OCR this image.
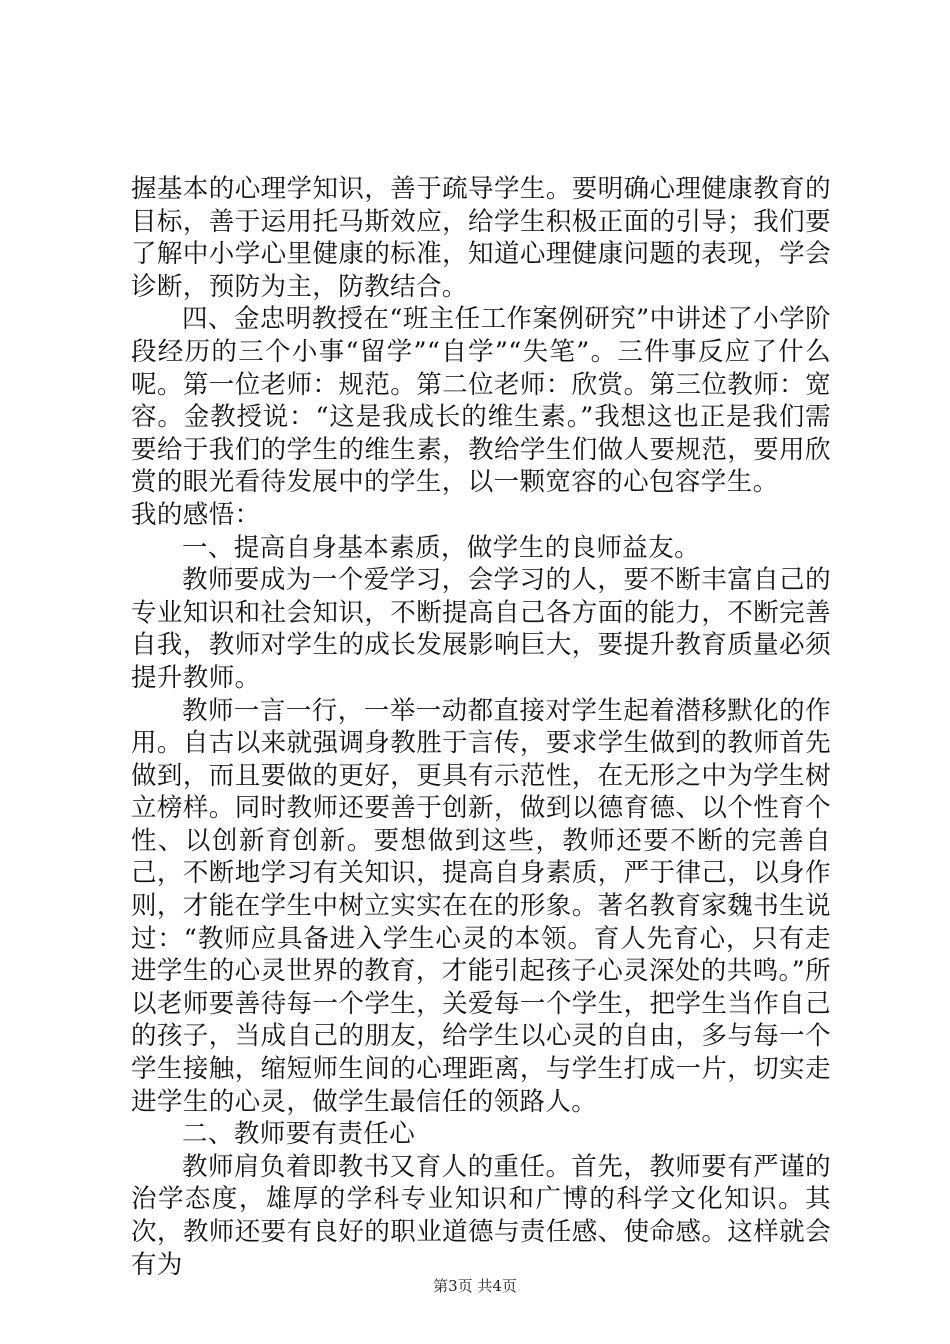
握基本的心理学知识，善于疏导学生。要明确心理健康教育的目标，善于运用托马斯效应，给学生积极正面的引导；我们要了解中小学心里健康的标准，知道心理健康问题的表现，学会诊断，预防为主，防教结合。

四、金忠明教授在“班主任工作案例研究”中讲述了小学阶段经历的三个小事“留学”“自学”“失笔”。三件事反应了什么呢。第一位老师：规范。第二位老师：欣赏。第三位教师：宽容。金教授说：“这是我成长的维生素。”我想这也正是我们需要给于我们的学生的维生素，教给学生们做人要规范，要用欣赏的眼光看待发展中的学生，以一颗宽容的心包容学生。

我的感悟：

一、提高自身基本素质，做学生的良师益友。

教师要成为一个爱学习，会学习的人，要不断丰富自己的专业知识和社会知识，不断提高自己各方面的能力，不断完善自我，教师对学生的成长发展影响巨大，要提升教育质量必须提升教师。

教师一言一行，一举一动都直接对学生起着潜移默化的作用。自古以来就强调身教胜于言传，要求学生做到的教师首先做到，而且要做的更好，更具有示范性，在无形之中为学生树立榜样。同时教师还要善于创新，做到以德育德、以个性育个性、以创新育创新。要想做到这些，教师还要不断的完善自己，不断地学习有关知识，提高自身素质，严于律己，以身作则，才能在学生中树立实实在在的形象。著名教育家魏书生说过：“教师应具备进入学生心灵的本领。育人先育心，只有走进学生的心灵世界的教育，才能引起孩子心灵深处的共鸣。”所以老师要善待每一个学生，关爱每一个学生，把学生当作自己的孩子，当成自己的朋友，给学生以心灵的自由，多与每一个学生接触，缩短师生间的心理距离，与学生打成一片，切实走进学生的心灵，做学生最信任的领路人。

二、教师要有责任心

教师肩负着即教书又育人的重任。首先，教师要有严谨的治学态度，雄厚的学科专业知识和广博的科学文化知识。其次，教师还要有良好的职业道德与责任感、使命感。这样就会有为

第3页 共4页
